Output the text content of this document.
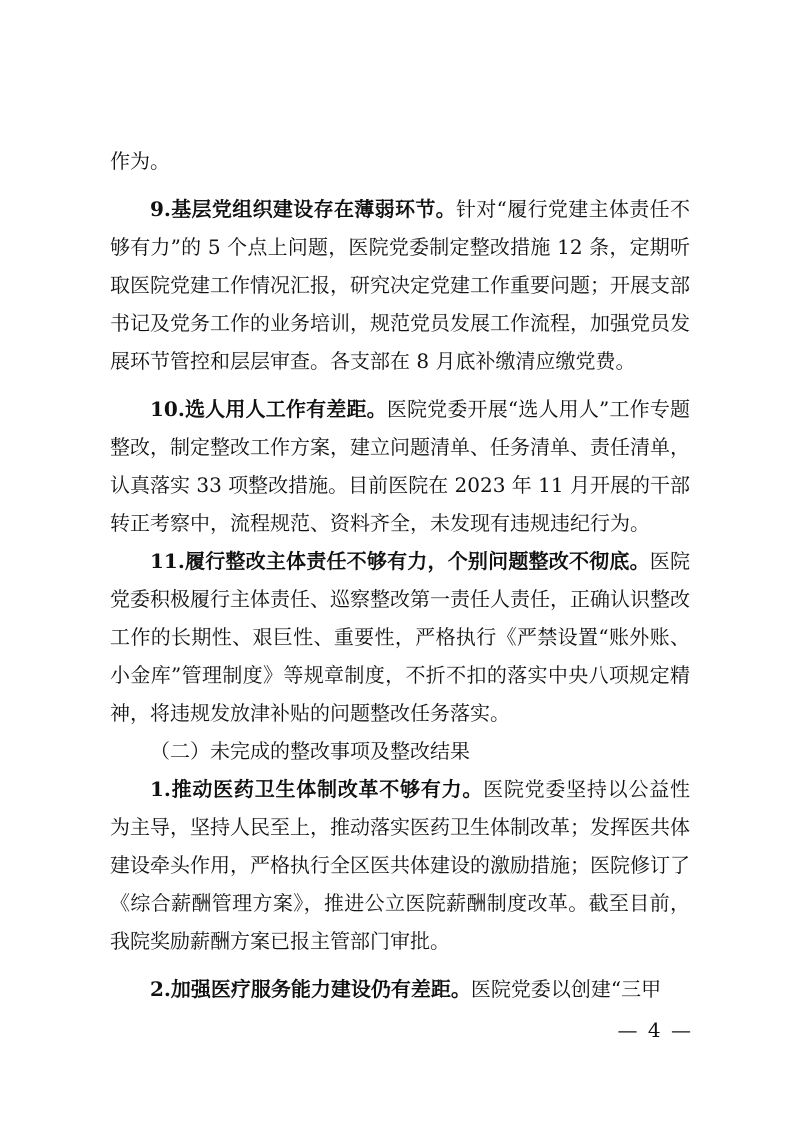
作为。

9.基层党组织建设存在薄弱环节。针对“履行党建主体责任不够有力”的 5 个点上问题，医院党委制定整改措施 12 条，定期听取医院党建工作情况汇报，研究决定党建工作重要问题；开展支部书记及党务工作的业务培训，规范党员发展工作流程，加强党员发展环节管控和层层审查。各支部在 8 月底补缴清应缴党费。

10.选人用人工作有差距。医院党委开展“选人用人”工作专题整改，制定整改工作方案，建立问题清单、任务清单、责任清单，认真落实 33 项整改措施。目前医院在 2023 年 11 月开展的干部转正考察中，流程规范、资料齐全，未发现有违规违纪行为。

11.履行整改主体责任不够有力，个别问题整改不彻底。医院党委积极履行主体责任、巡察整改第一责任人责任，正确认识整改工作的长期性、艰巨性、重要性，严格执行《严禁设置“账外账、小金库”管理制度》等规章制度，不折不扣的落实中央八项规定精神，将违规发放津补贴的问题整改任务落实。

（二）未完成的整改事项及整改结果

1.推动医药卫生体制改革不够有力。医院党委坚持以公益性为主导，坚持人民至上，推动落实医药卫生体制改革；发挥医共体建设牵头作用，严格执行全区医共体建设的激励措施；医院修订了《综合薪酬管理方案》，推进公立医院薪酬制度改革。截至目前，我院奖励薪酬方案已报主管部门审批。

2.加强医疗服务能力建设仍有差距。医院党委以创建“三甲

— 4 —
